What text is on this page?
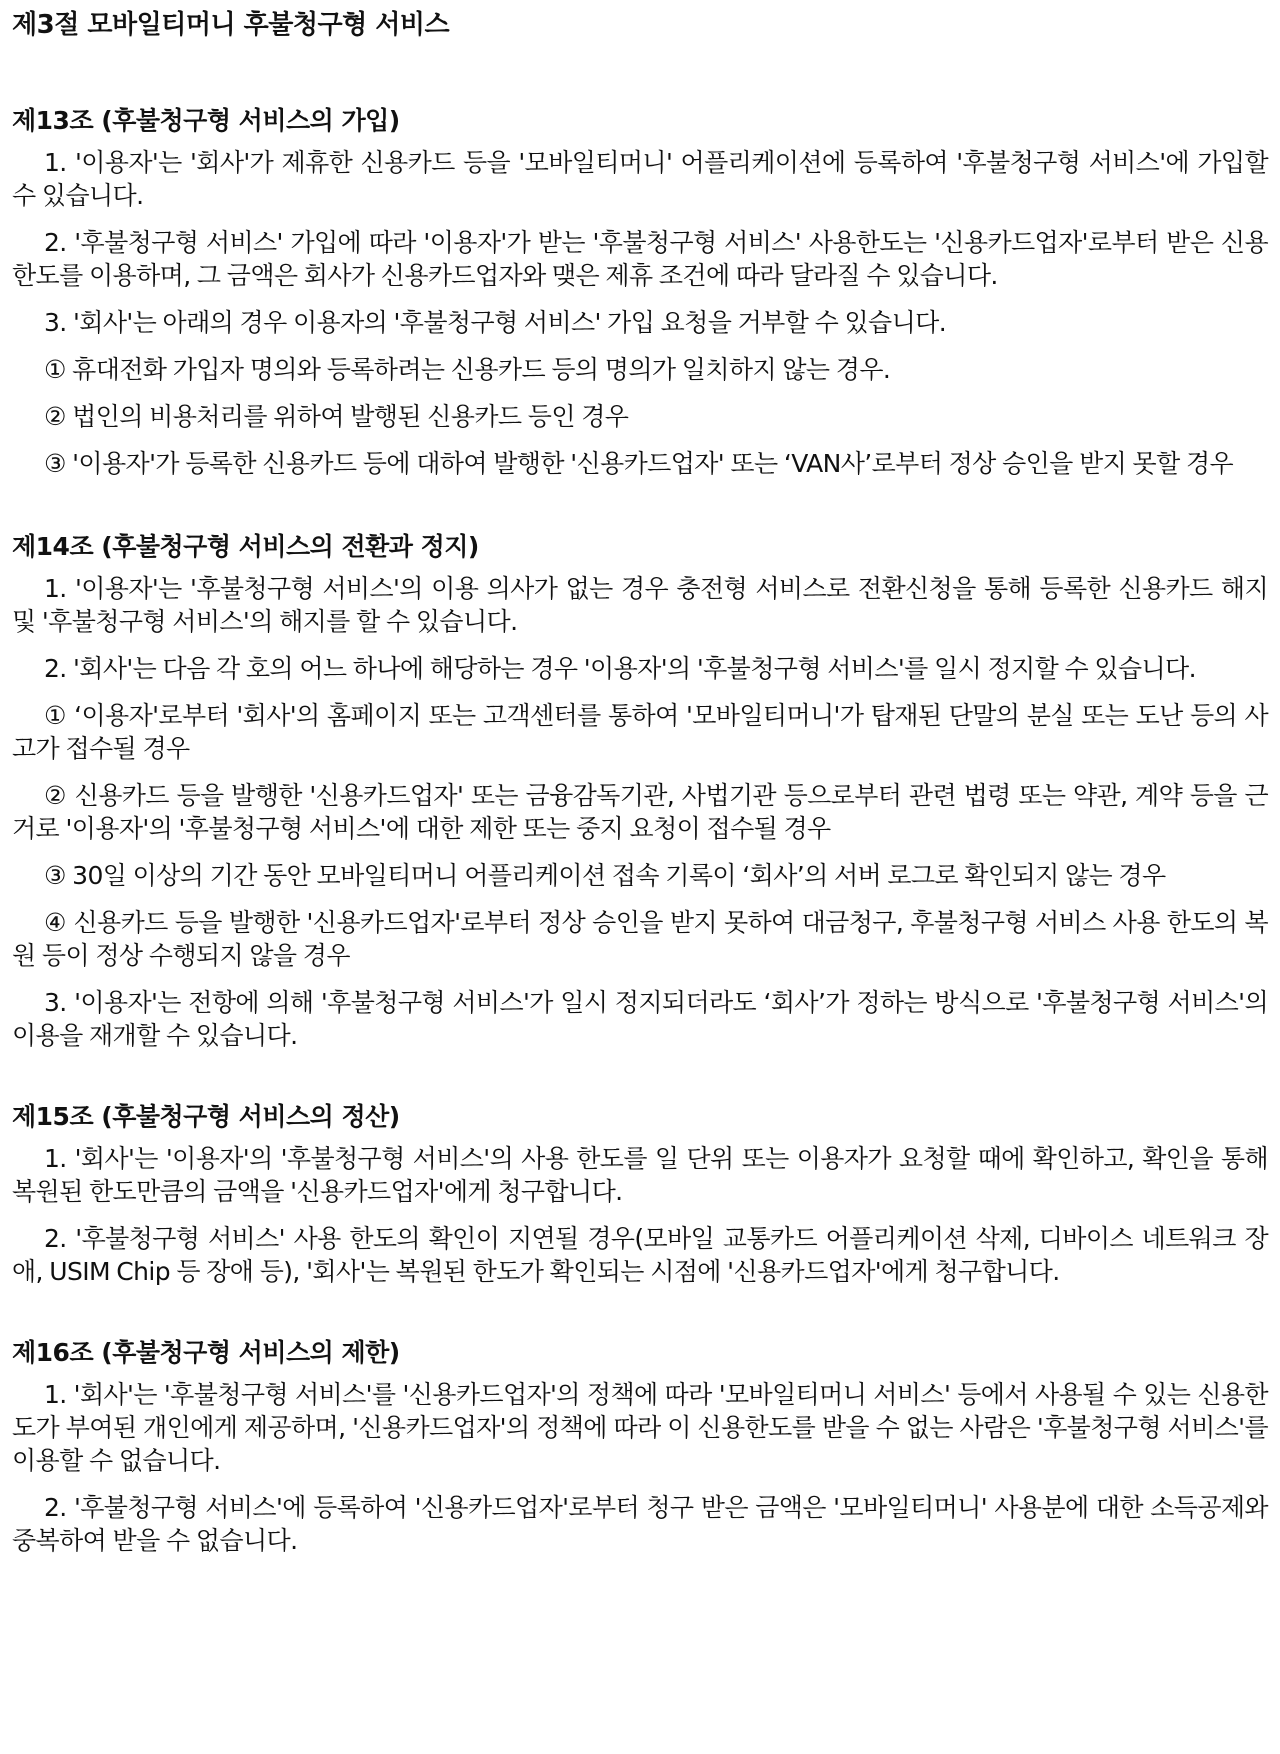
제3절 모바일티머니 후불청구형 서비스
제13조 (후불청구형 서비스의 가입)

1. '이용자'는 '회사'가 제휴한 신용카드 등을 '모바일티머니' 어플리케이션에 등록하여 '후불청구형 서비스'에 가입할 수 있습니다.

2. '후불청구형 서비스' 가입에 따라 '이용자'가 받는 '후불청구형 서비스' 사용한도는 '신용카드업자'로부터 받은 신용한도를 이용하며, 그 금액은 회사가 신용카드업자와 맺은 제휴 조건에 따라 달라질 수 있습니다.

3. '회사'는 아래의 경우 이용자의 '후불청구형 서비스' 가입 요청을 거부할 수 있습니다.

① 휴대전화 가입자 명의와 등록하려는 신용카드 등의 명의가 일치하지 않는 경우.

② 법인의 비용처리를 위하여 발행된 신용카드 등인 경우

③ '이용자'가 등록한 신용카드 등에 대하여 발행한 '신용카드업자' 또는 ‘VAN사’로부터 정상 승인을 받지 못할 경우

제14조 (후불청구형 서비스의 전환과 정지)

1. '이용자'는 '후불청구형 서비스'의 이용 의사가 없는 경우 충전형 서비스로 전환신청을 통해 등록한 신용카드 해지 및 '후불청구형 서비스'의 해지를 할 수 있습니다.

2. '회사'는 다음 각 호의 어느 하나에 해당하는 경우 '이용자'의 '후불청구형 서비스'를 일시 정지할 수 있습니다.

① ‘이용자'로부터 '회사'의 홈페이지 또는 고객센터를 통하여 '모바일티머니'가 탑재된 단말의 분실 또는 도난 등의 사고가 접수될 경우

② 신용카드 등을 발행한 '신용카드업자' 또는 금융감독기관, 사법기관 등으로부터 관련 법령 또는 약관, 계약 등을 근거로 '이용자'의 '후불청구형 서비스'에 대한 제한 또는 중지 요청이 접수될 경우

③ 30일 이상의 기간 동안 모바일티머니 어플리케이션 접속 기록이 ‘회사’의 서버 로그로 확인되지 않는 경우

④ 신용카드 등을 발행한 '신용카드업자'로부터 정상 승인을 받지 못하여 대금청구, 후불청구형 서비스 사용 한도의 복원 등이 정상 수행되지 않을 경우

3. '이용자'는 전항에 의해 '후불청구형 서비스'가 일시 정지되더라도 ‘회사’가 정하는 방식으로 '후불청구형 서비스'의 이용을 재개할 수 있습니다.

제15조 (후불청구형 서비스의 정산)

1. '회사'는 '이용자'의 '후불청구형 서비스'의 사용 한도를 일 단위 또는 이용자가 요청할 때에 확인하고, 확인을 통해 복원된 한도만큼의 금액을 '신용카드업자'에게 청구합니다.

2. '후불청구형 서비스' 사용 한도의 확인이 지연될 경우(모바일 교통카드 어플리케이션 삭제, 디바이스 네트워크 장애, USIM Chip 등 장애 등), '회사'는 복원된 한도가 확인되는 시점에 '신용카드업자'에게 청구합니다.

제16조 (후불청구형 서비스의 제한)

1. '회사'는 '후불청구형 서비스'를 '신용카드업자'의 정책에 따라 '모바일티머니 서비스' 등에서 사용될 수 있는 신용한도가 부여된 개인에게 제공하며, '신용카드업자'의 정책에 따라 이 신용한도를 받을 수 없는 사람은 '후불청구형 서비스'를 이용할 수 없습니다.

2. '후불청구형 서비스'에 등록하여 '신용카드업자'로부터 청구 받은 금액은 '모바일티머니' 사용분에 대한 소득공제와 중복하여 받을 수 없습니다.
